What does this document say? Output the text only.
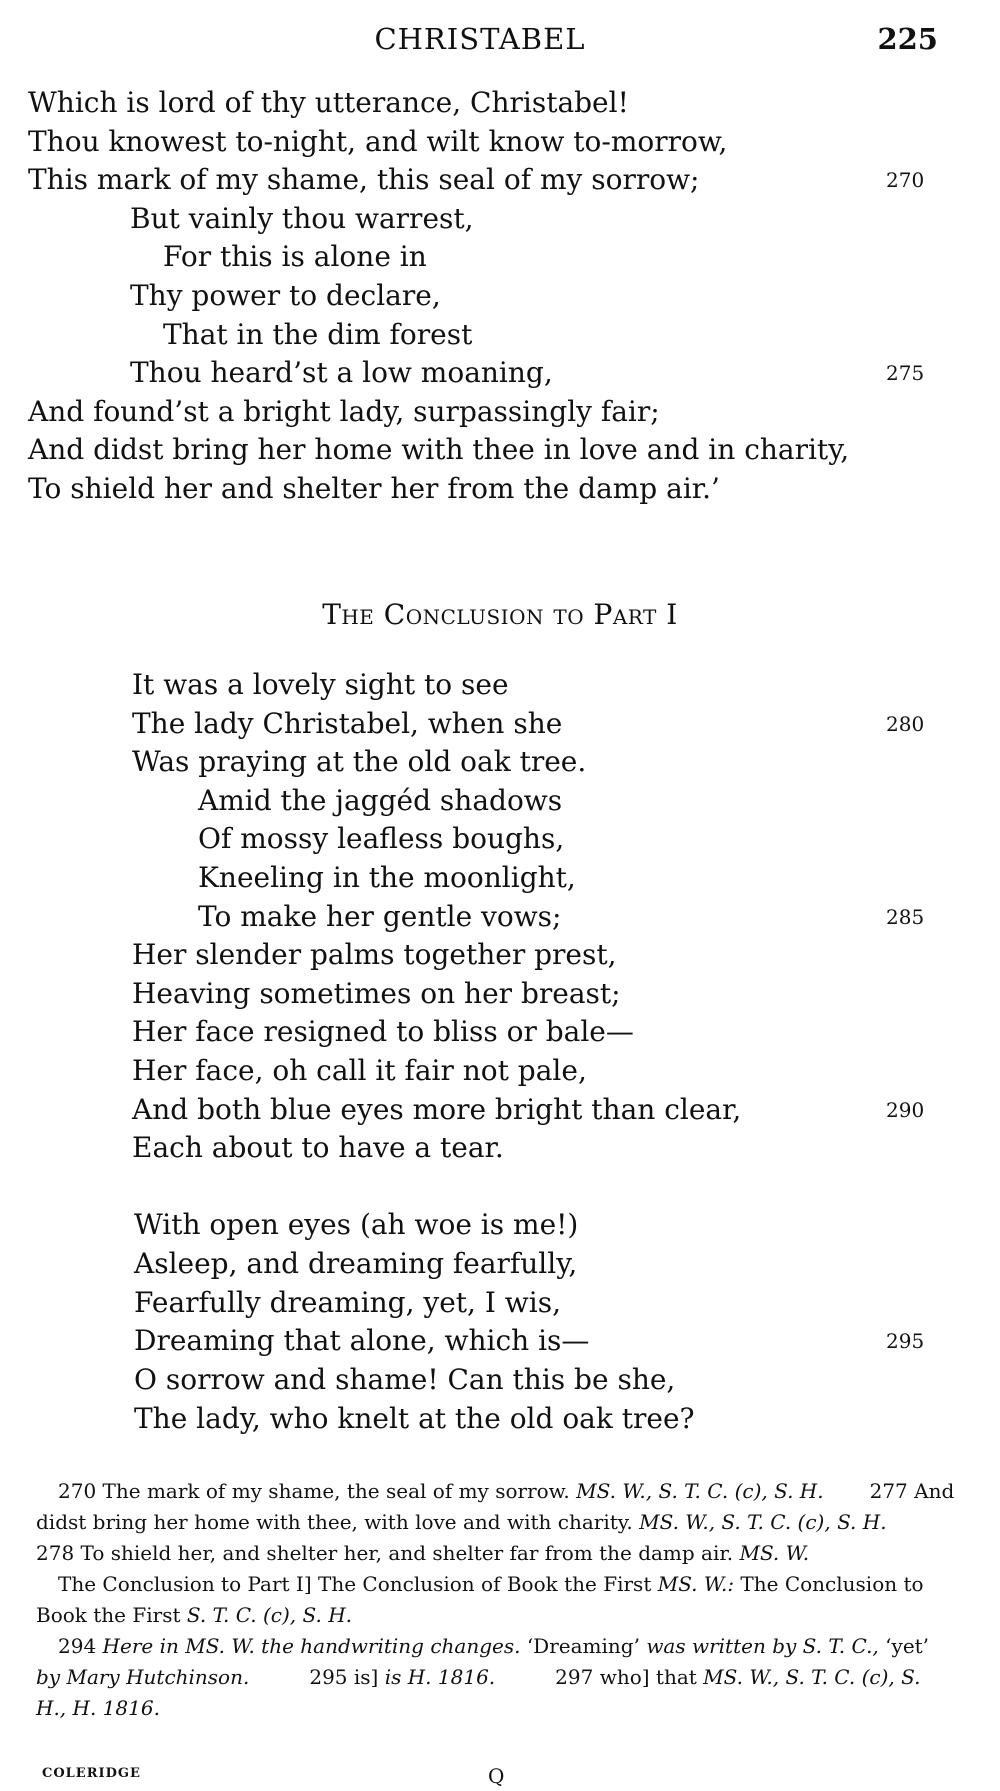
CHRISTABEL	225
Which is lord of thy utterance, Christabel!
Thou knowest to-night, and wilt know to-morrow,
This mark of my shame, this seal of my sorrow;	270
But vainly thou warrest,
For this is alone in
Thy power to declare,
That in the dim forest
Thou heard’st a low moaning,	275
And found’st a bright lady, surpassingly fair;
And didst bring her home with thee in love and in charity,
To shield her and shelter her from the damp air.’
The Conclusion to Part I
It was a lovely sight to see
The lady Christabel, when she	280
Was praying at the old oak tree.
Amid the jaggéd shadows
Of mossy leafless boughs,
Kneeling in the moonlight,
To make her gentle vows;	285
Her slender palms together prest,
Heaving sometimes on her breast;
Her face resigned to bliss or bale—
Her face, oh call it fair not pale,
And both blue eyes more bright than clear,	290
Each about to have a tear.
With open eyes (ah woe is me!)
Asleep, and dreaming fearfully,
Fearfully dreaming, yet, I wis,
Dreaming that alone, which is—	295
O sorrow and shame! Can this be she,
The lady, who knelt at the old oak tree?

270 The mark of my shame, the seal of my sorrow. MS. W., S. T. C. (c), S. H. 277 And didst bring her home with thee, with love and with charity. MS. W., S. T. C. (c), S. H.278 To shield her, and shelter her, and shelter far from the damp air. MS. W.

The Conclusion to Part I] The Conclusion of Book the First MS. W.: The Conclusion to Book the First S. T. C. (c), S. H.

294 Here in MS. W. the handwriting changes. ‘Dreaming’ was written by S. T. C., ‘yet’ by Mary Hutchinson.	295 is] is H. 1816.	297 who] that MS. W., S. T. C. (c), S. H., H. 1816.

COLERIDGE	Q
